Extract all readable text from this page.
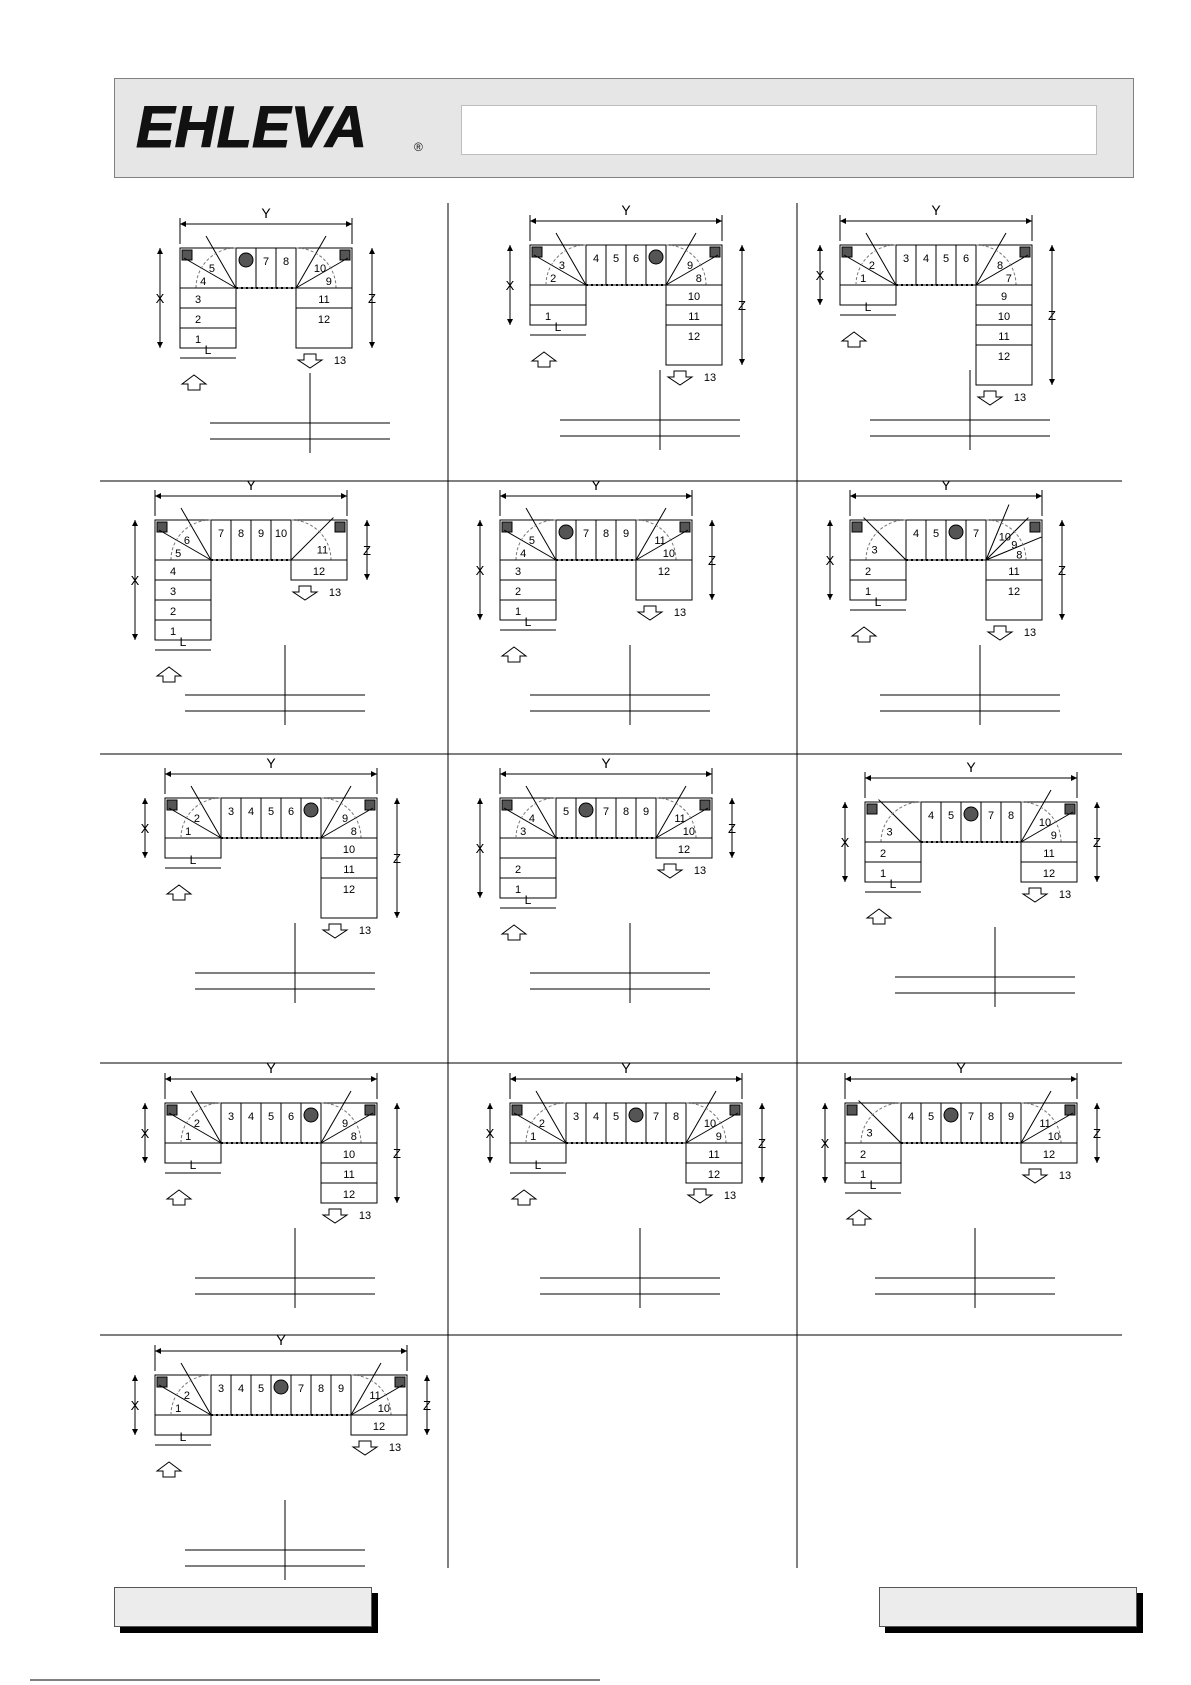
EHLEVA	®
Y
7 8
4
5
9
10
1
2
3	11
12
13
X	Z
L
Y
4 5 6
2
3
8
9
1
10
11
12
13
X
Z
L
Y
3 4 5 6
1
2
7
8
9
10
11
12
13
X
Z
L
Y
7 8 9 10
5
6
11
1
2
3
4	12
13
X
Z
L
Y
7 8 9
4
5
10
11
1
2
3	12
13
X
Z
L
Y
4 5	7
3	8
9
10
1
2	11
12
13
X
Z
L
Y
3 4 5 6
1
2
8
9
10
11
12
13
X
Z
L
Y
5	7 8 9
3
4
10
11
1
2
12
13
X
Z
L
Y
4 5	7 8
3	9
10
1
2	11
12
13
X	Z
L
Y
3 4 5 6
1
2
8
9
10
11
12
13
X
Z
L
Y
3 4 5	7 8
1
2
9
10
11
12
13
X
Z
L
Y
4 5	7 8 9
3	10
11
1
2	12
13
X
Z
L
Y
3 4 5	7 8 9
1
2
10
11
12
13
X	Z
L
